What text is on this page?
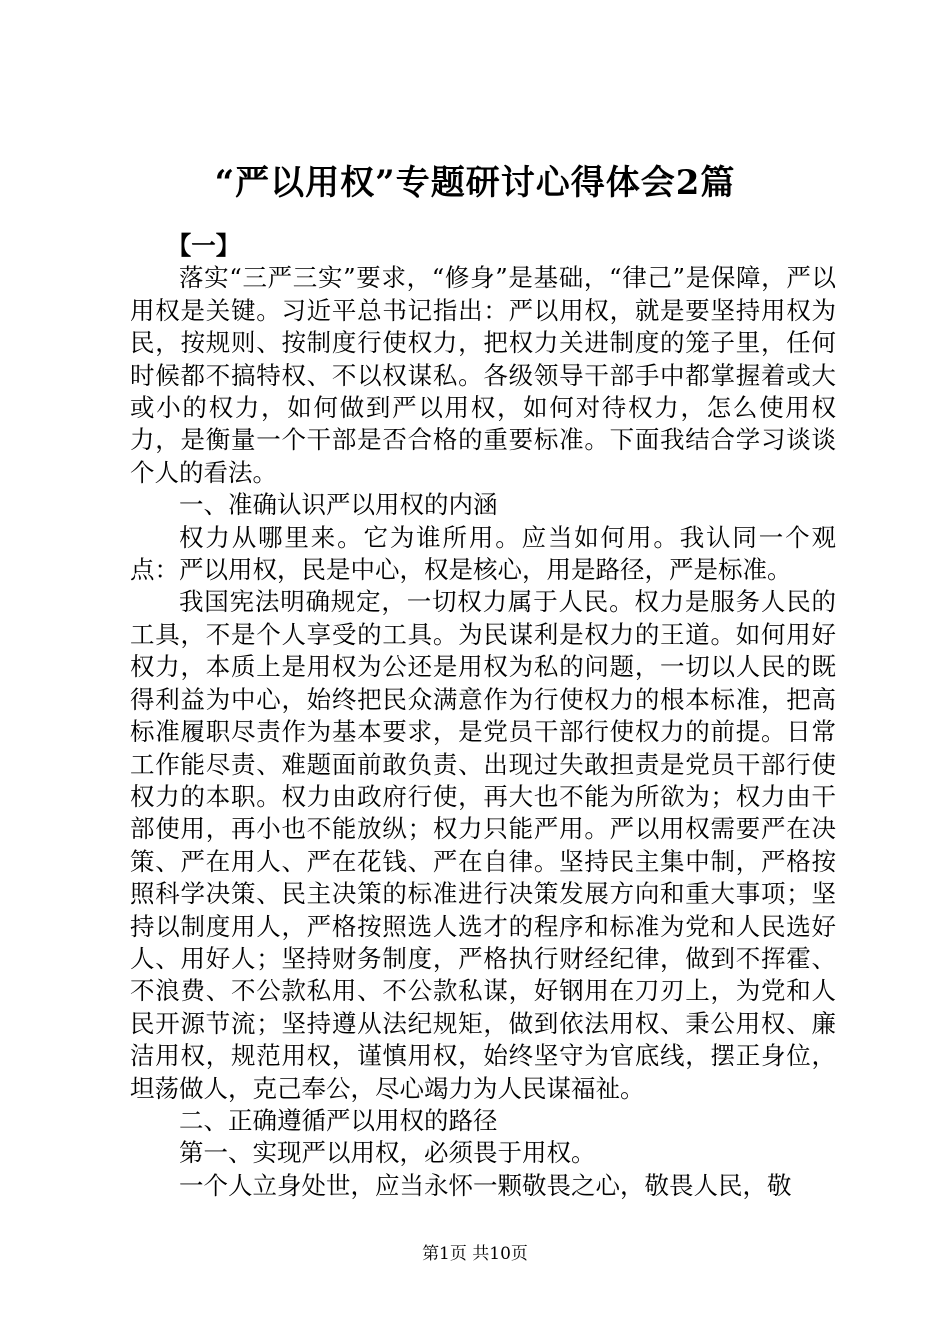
“严以用权”专题研讨心得体会2篇

【一】

落实“三严三实”要求，“修身”是基础，“律己”是保障，严以用权是关键。习近平总书记指出：严以用权，就是要坚持用权为民，按规则、按制度行使权力，把权力关进制度的笼子里，任何时候都不搞特权、不以权谋私。各级领导干部手中都掌握着或大或小的权力，如何做到严以用权，如何对待权力，怎么使用权力，是衡量一个干部是否合格的重要标准。下面我结合学习谈谈个人的看法。

一、准确认识严以用权的内涵

权力从哪里来。它为谁所用。应当如何用。我认同一个观点：严以用权，民是中心，权是核心，用是路径，严是标准。

我国宪法明确规定，一切权力属于人民。权力是服务人民的工具，不是个人享受的工具。为民谋利是权力的王道。如何用好权力，本质上是用权为公还是用权为私的问题，一切以人民的既得利益为中心，始终把民众满意作为行使权力的根本标准，把高标准履职尽责作为基本要求，是党员干部行使权力的前提。日常工作能尽责、难题面前敢负责、出现过失敢担责是党员干部行使权力的本职。权力由政府行使，再大也不能为所欲为；权力由干部使用，再小也不能放纵；权力只能严用。严以用权需要严在决策、严在用人、严在花钱、严在自律。坚持民主集中制，严格按照科学决策、民主决策的标准进行决策发展方向和重大事项；坚持以制度用人，严格按照选人选才的程序和标准为党和人民选好人、用好人；坚持财务制度，严格执行财经纪律，做到不挥霍、不浪费、不公款私用、不公款私谋，好钢用在刀刃上，为党和人民开源节流；坚持遵从法纪规矩，做到依法用权、秉公用权、廉洁用权，规范用权，谨慎用权，始终坚守为官底线，摆正身位，坦荡做人，克己奉公，尽心竭力为人民谋福祉。

二、正确遵循严以用权的路径

第一、实现严以用权，必须畏于用权。

一个人立身处世，应当永怀一颗敬畏之心，敬畏人民，敬

第1页 共10页
